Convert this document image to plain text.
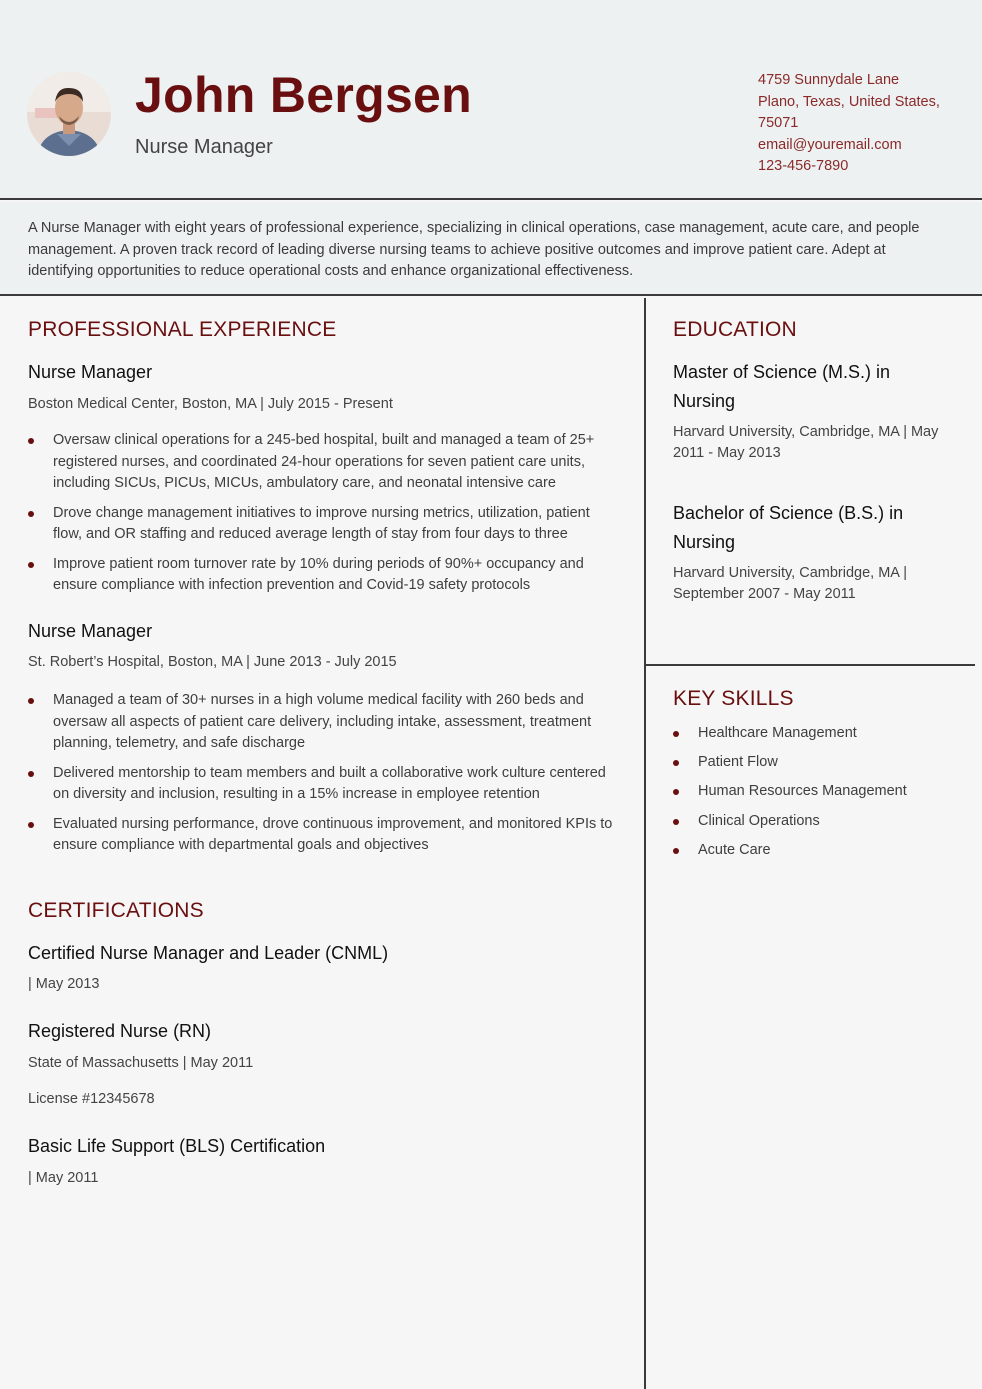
John Bergsen
Nurse Manager
4759 Sunnydale Lane
Plano, Texas, United States,
75071
email@youremail.com
123-456-7890

A Nurse Manager with eight years of professional experience, specializing in clinical operations, case management, acute care, and people management. A proven track record of leading diverse nursing teams to achieve positive outcomes and improve patient care. Adept at identifying opportunities to reduce operational costs and enhance organizational effectiveness.

PROFESSIONAL EXPERIENCE
Nurse Manager
Boston Medical Center, Boston, MA | July 2015 - Present
Oversaw clinical operations for a 245-bed hospital, built and managed a team of 25+ registered nurses, and coordinated 24-hour operations for seven patient care units, including SICUs, PICUs, MICUs, ambulatory care, and neonatal intensive care
Drove change management initiatives to improve nursing metrics, utilization, patient flow, and OR staffing and reduced average length of stay from four days to three
Improve patient room turnover rate by 10% during periods of 90%+ occupancy and ensure compliance with infection prevention and Covid-19 safety protocols
Nurse Manager
St. Robert’s Hospital, Boston, MA | June 2013 - July 2015
Managed a team of 30+ nurses in a high volume medical facility with 260 beds and oversaw all aspects of patient care delivery, including intake, assessment, treatment planning, telemetry, and safe discharge
Delivered mentorship to team members and built a collaborative work culture centered on diversity and inclusion, resulting in a 15% increase in employee retention
Evaluated nursing performance, drove continuous improvement, and monitored KPIs to ensure compliance with departmental goals and objectives
CERTIFICATIONS
Certified Nurse Manager and Leader (CNML)
| May 2013
Registered Nurse (RN)
State of Massachusetts | May 2011
License #12345678
Basic Life Support (BLS) Certification
| May 2011
EDUCATION
Master of Science (M.S.) in Nursing
Harvard University, Cambridge, MA | May 2011 - May 2013
Bachelor of Science (B.S.) in Nursing
Harvard University, Cambridge, MA | September 2007 - May 2011
KEY SKILLS
Healthcare Management
Patient Flow
Human Resources Management
Clinical Operations
Acute Care
